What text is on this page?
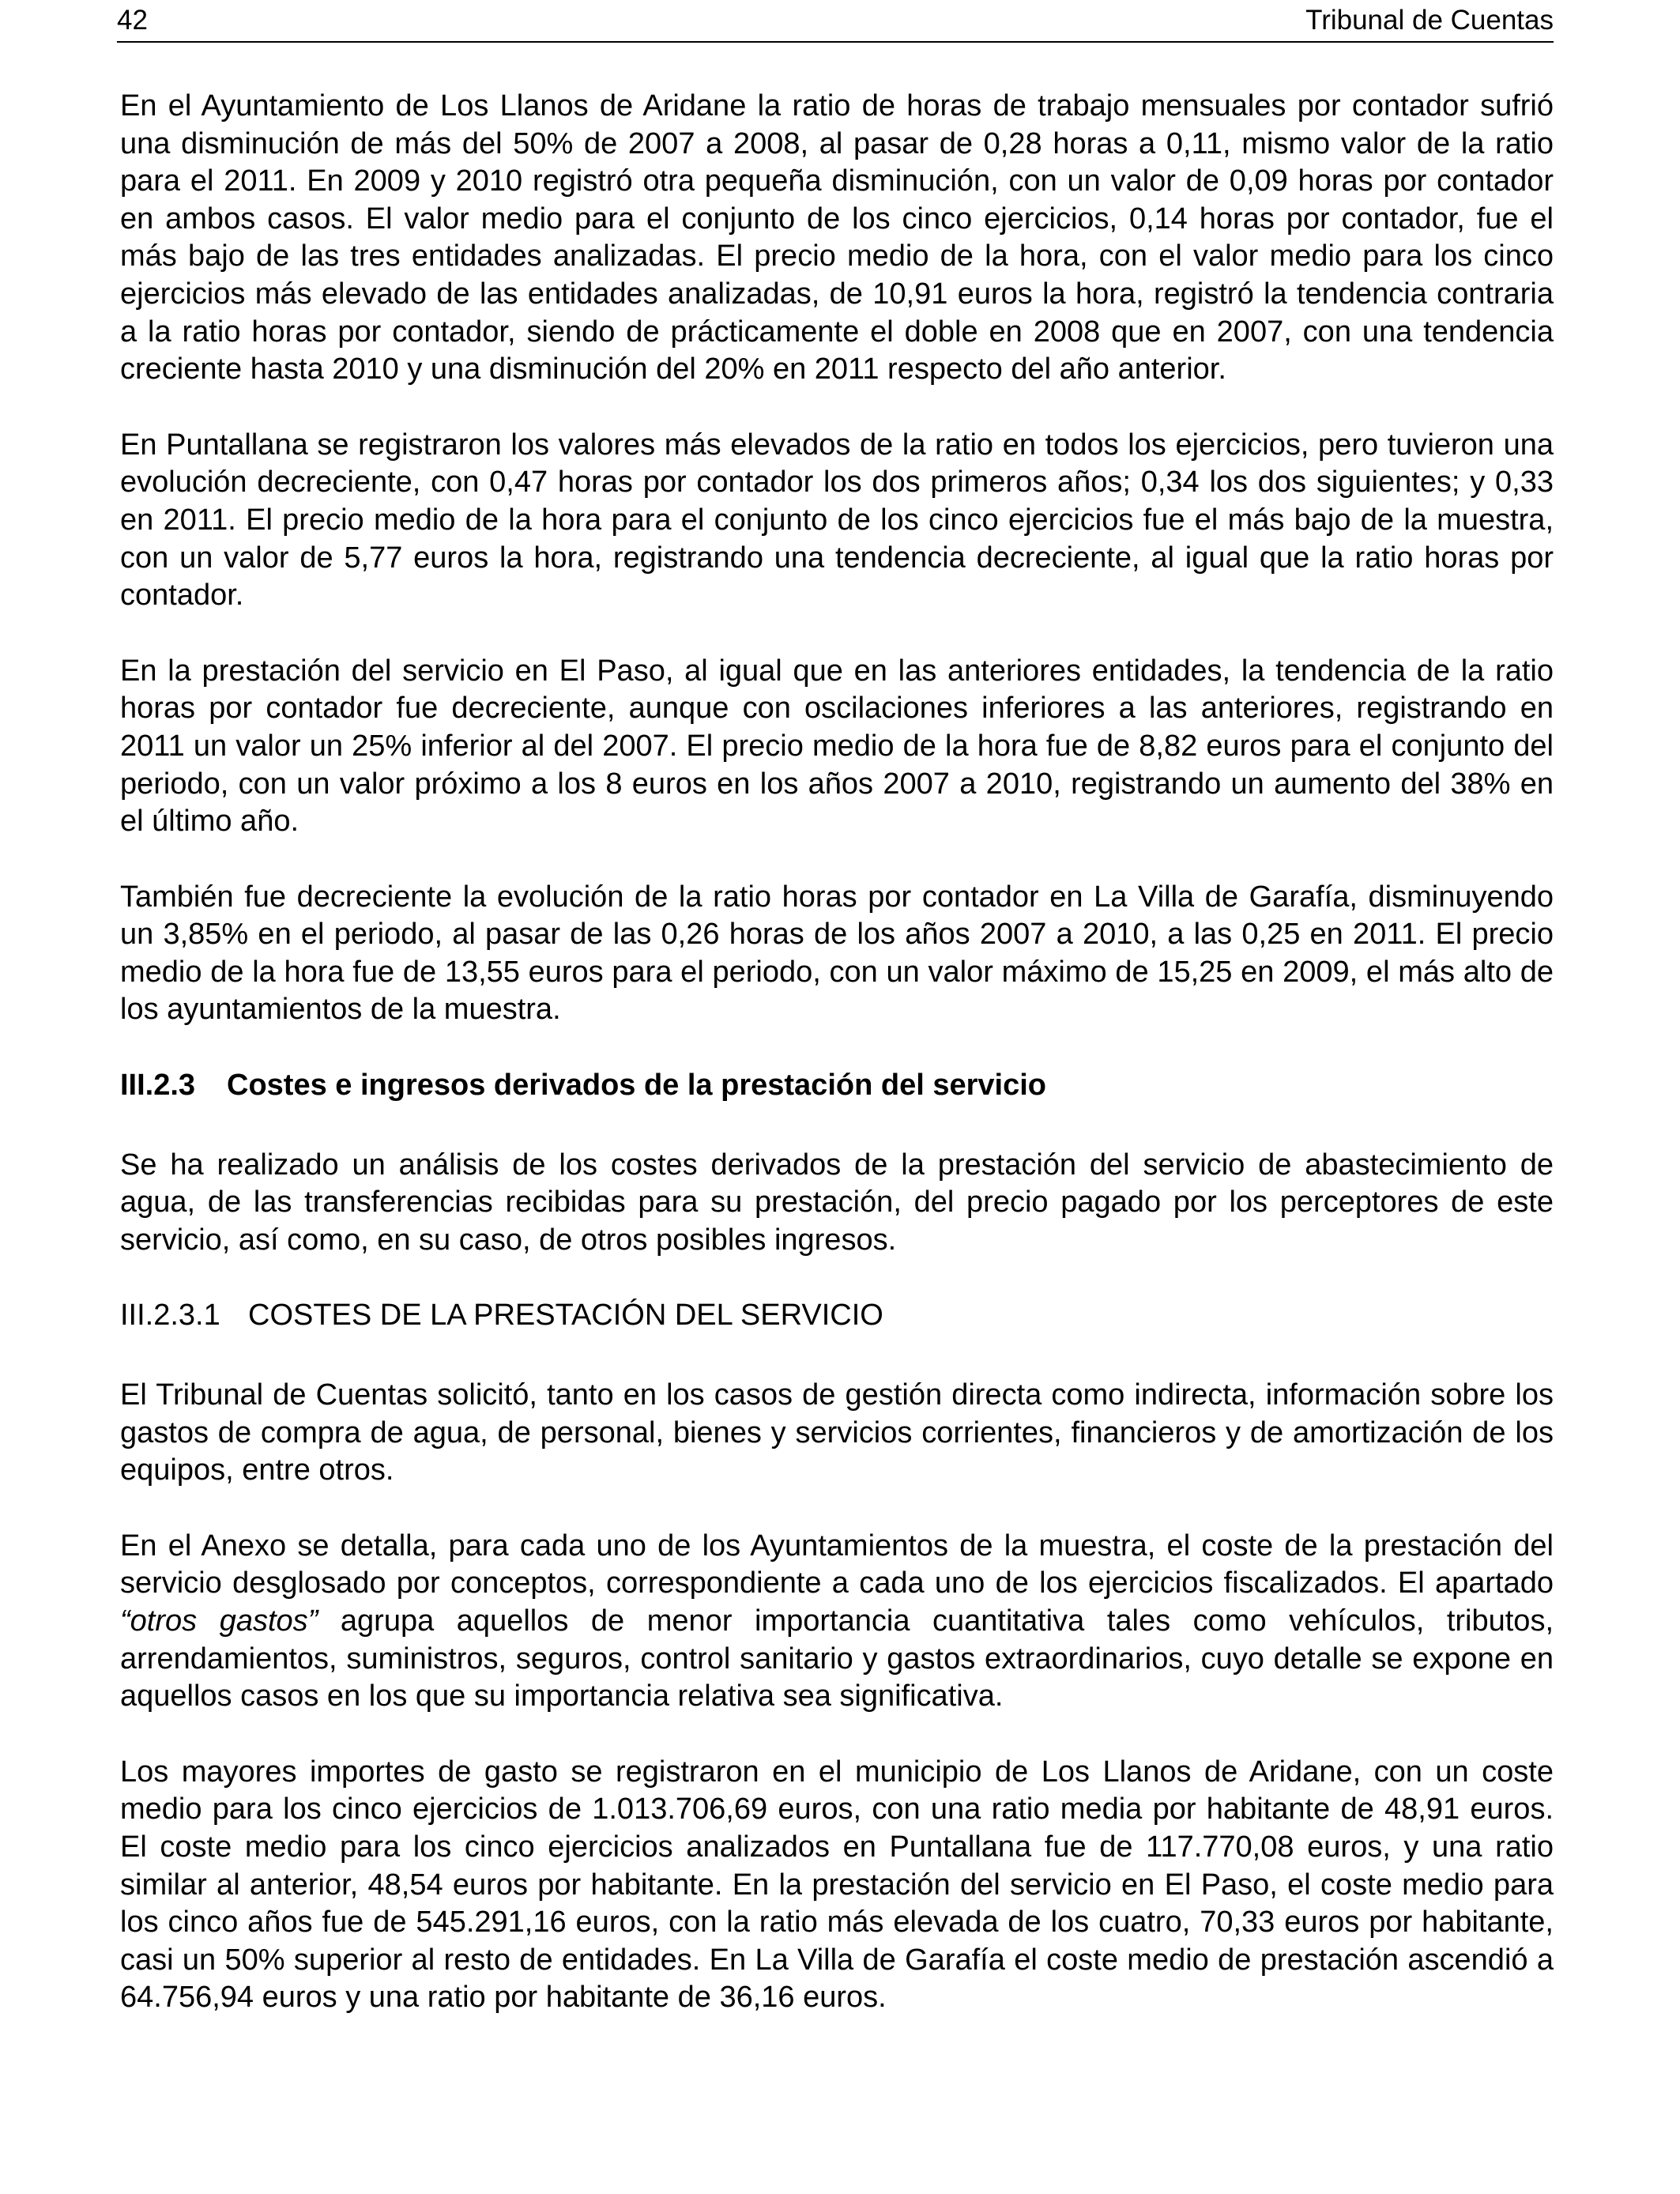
42	Tribunal de Cuentas

En el Ayuntamiento de Los Llanos de Aridane la ratio de horas de trabajo mensuales por contador sufrió una disminución de más del 50% de 2007 a 2008, al pasar de 0,28 horas a 0,11, mismo valor de la ratio para el 2011. En 2009 y 2010 registró otra pequeña disminución, con un valor de 0,09 horas por contador en ambos casos. El valor medio para el conjunto de los cinco ejercicios, 0,14 horas por contador, fue el más bajo de las tres entidades analizadas. El precio medio de la hora, con el valor medio para los cinco ejercicios más elevado de las entidades analizadas, de 10,91 euros la hora, registró la tendencia contraria a la ratio horas por contador, siendo de prácticamente el doble en 2008 que en 2007, con una tendencia creciente hasta 2010 y una disminución del 20% en 2011 respecto del año anterior.

En Puntallana se registraron los valores más elevados de la ratio en todos los ejercicios, pero tuvieron una evolución decreciente, con 0,47 horas por contador los dos primeros años; 0,34 los dos siguientes; y 0,33 en 2011. El precio medio de la hora para el conjunto de los cinco ejercicios fue el más bajo de la muestra, con un valor de 5,77 euros la hora, registrando una tendencia decreciente, al igual que la ratio horas por contador.

En la prestación del servicio en El Paso, al igual que en las anteriores entidades, la tendencia de la ratio horas por contador fue decreciente, aunque con oscilaciones inferiores a las anteriores, registrando en 2011 un valor un 25% inferior al del 2007. El precio medio de la hora fue de 8,82 euros para el conjunto del periodo, con un valor próximo a los 8 euros en los años 2007 a 2010, registrando un aumento del 38% en el último año.

También fue decreciente la evolución de la ratio horas por contador en La Villa de Garafía, disminuyendo un 3,85% en el periodo, al pasar de las 0,26 horas de los años 2007 a 2010, a las 0,25 en 2011. El precio medio de la hora fue de 13,55 euros para el periodo, con un valor máximo de 15,25 en 2009, el más alto de los ayuntamientos de la muestra.

III.2.3 Costes e ingresos derivados de la prestación del servicio

Se ha realizado un análisis de los costes derivados de la prestación del servicio de abastecimiento de agua, de las transferencias recibidas para su prestación, del precio pagado por los perceptores de este servicio, así como, en su caso, de otros posibles ingresos.

III.2.3.1 COSTES DE LA PRESTACIÓN DEL SERVICIO

El Tribunal de Cuentas solicitó, tanto en los casos de gestión directa como indirecta, información sobre los gastos de compra de agua, de personal, bienes y servicios corrientes, financieros y de amortización de los equipos, entre otros.

En el Anexo se detalla, para cada uno de los Ayuntamientos de la muestra, el coste de la prestación del servicio desglosado por conceptos, correspondiente a cada uno de los ejercicios fiscalizados. El apartado “otros gastos” agrupa aquellos de menor importancia cuantitativa tales como vehículos, tributos, arrendamientos, suministros, seguros, control sanitario y gastos extraordinarios, cuyo detalle se expone en aquellos casos en los que su importancia relativa sea significativa.

Los mayores importes de gasto se registraron en el municipio de Los Llanos de Aridane, con un coste medio para los cinco ejercicios de 1.013.706,69 euros, con una ratio media por habitante de 48,91 euros. El coste medio para los cinco ejercicios analizados en Puntallana fue de 117.770,08 euros, y una ratio similar al anterior, 48,54 euros por habitante. En la prestación del servicio en El Paso, el coste medio para los cinco años fue de 545.291,16 euros, con la ratio más elevada de los cuatro, 70,33 euros por habitante, casi un 50% superior al resto de entidades. En La Villa de Garafía el coste medio de prestación ascendió a 64.756,94 euros y una ratio por habitante de 36,16 euros.
